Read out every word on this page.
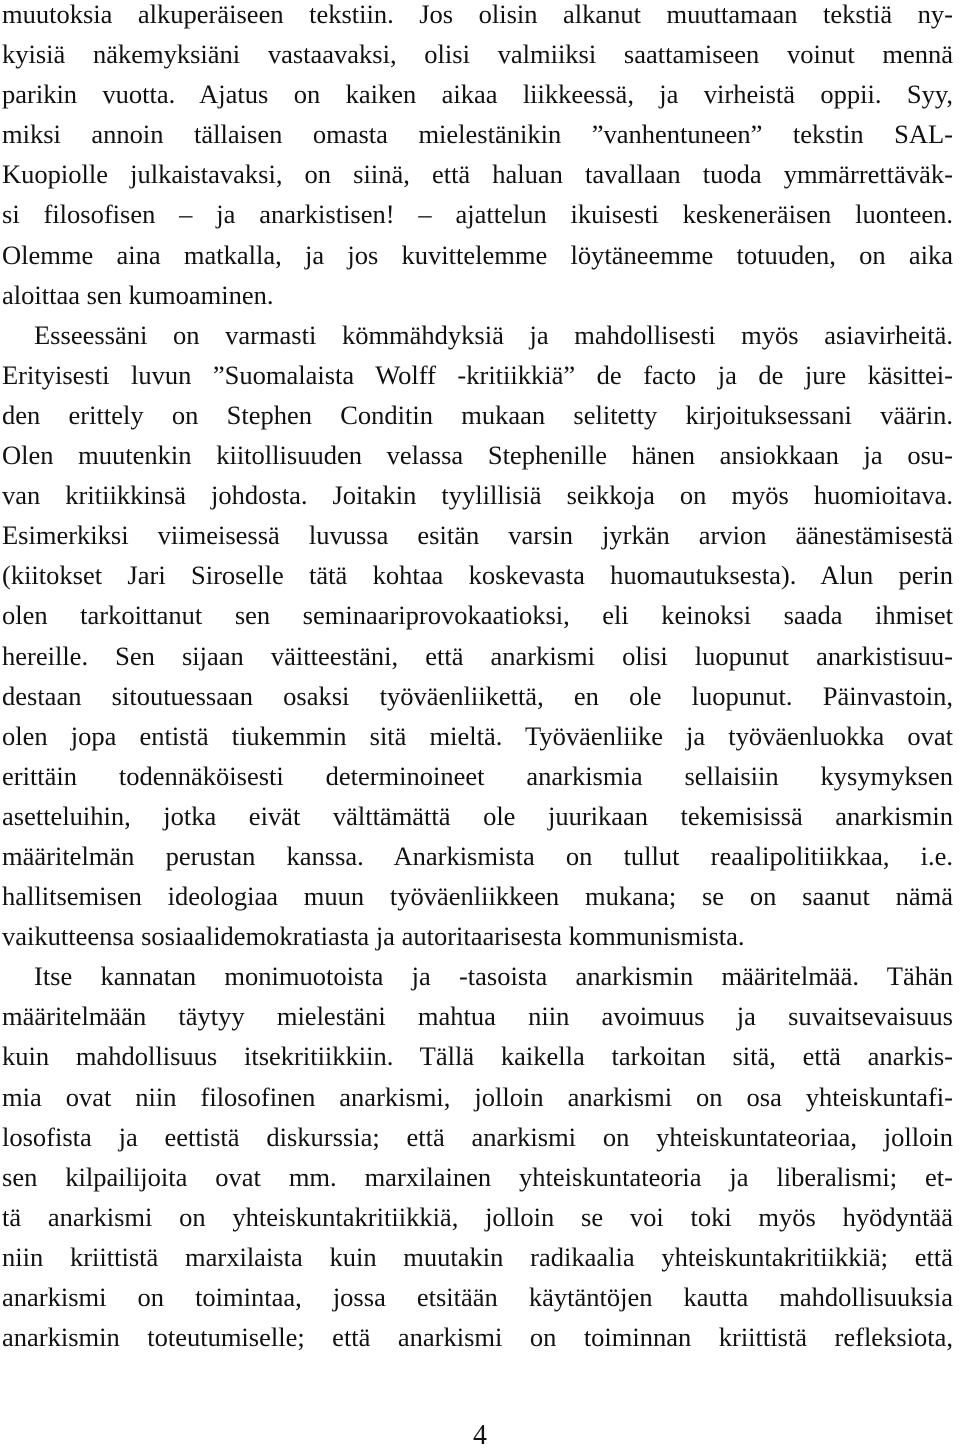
muutoksia alkuperäiseen tekstiin. Jos olisin alkanut muuttamaan tekstiä ny-
kyisiä näkemyksiäni vastaavaksi, olisi valmiiksi saattamiseen voinut mennä
parikin vuotta. Ajatus on kaiken aikaa liikkeessä, ja virheistä oppii. Syy,
miksi annoin tällaisen omasta mielestänikin ”vanhentuneen” tekstin SAL-
Kuopiolle julkaistavaksi, on siinä, että haluan tavallaan tuoda ymmärrettäväk-
si filosofisen – ja anarkistisen! – ajattelun ikuisesti keskeneräisen luonteen.
Olemme aina matkalla, ja jos kuvittelemme löytäneemme totuuden, on aika
aloittaa sen kumoaminen.
Esseessäni on varmasti kömmähdyksiä ja mahdollisesti myös asiavirheitä.
Erityisesti luvun ”Suomalaista Wolff -kritiikkiä” de facto ja de jure käsittei-
den erittely on Stephen Conditin mukaan selitetty kirjoituksessani väärin.
Olen muutenkin kiitollisuuden velassa Stephenille hänen ansiokkaan ja osu-
van kritiikkinsä johdosta. Joitakin tyylillisiä seikkoja on myös huomioitava.
Esimerkiksi viimeisessä luvussa esitän varsin jyrkän arvion äänestämisestä
(kiitokset Jari Siroselle tätä kohtaa koskevasta huomautuksesta). Alun perin
olen tarkoittanut sen seminaariprovokaatioksi, eli keinoksi saada ihmiset
hereille. Sen sijaan väitteestäni, että anarkismi olisi luopunut anarkistisuu-
destaan sitoutuessaan osaksi työväenliikettä, en ole luopunut. Päinvastoin,
olen jopa entistä tiukemmin sitä mieltä. Työväenliike ja työväenluokka ovat
erittäin todennäköisesti determinoineet anarkismia sellaisiin kysymyksen
asetteluihin, jotka eivät välttämättä ole juurikaan tekemisissä anarkismin
määritelmän perustan kanssa. Anarkismista on tullut reaalipolitiikkaa, i.e.
hallitsemisen ideologiaa muun työväenliikkeen mukana; se on saanut nämä
vaikutteensa sosiaalidemokratiasta ja autoritaarisesta kommunismista.
Itse kannatan monimuotoista ja -tasoista anarkismin määritelmää. Tähän
määritelmään täytyy mielestäni mahtua niin avoimuus ja suvaitsevaisuus
kuin mahdollisuus itsekritiikkiin. Tällä kaikella tarkoitan sitä, että anarkis-
mia ovat niin filosofinen anarkismi, jolloin anarkismi on osa yhteiskuntafi-
losofista ja eettistä diskurssia; että anarkismi on yhteiskuntateoriaa, jolloin
sen kilpailijoita ovat mm. marxilainen yhteiskuntateoria ja liberalismi; et-
tä anarkismi on yhteiskuntakritiikkiä, jolloin se voi toki myös hyödyntää
niin kriittistä marxilaista kuin muutakin radikaalia yhteiskuntakritiikkiä; että
anarkismi on toimintaa, jossa etsitään käytäntöjen kautta mahdollisuuksia
anarkismin toteutumiselle; että anarkismi on toiminnan kriittistä refleksiota,
4
